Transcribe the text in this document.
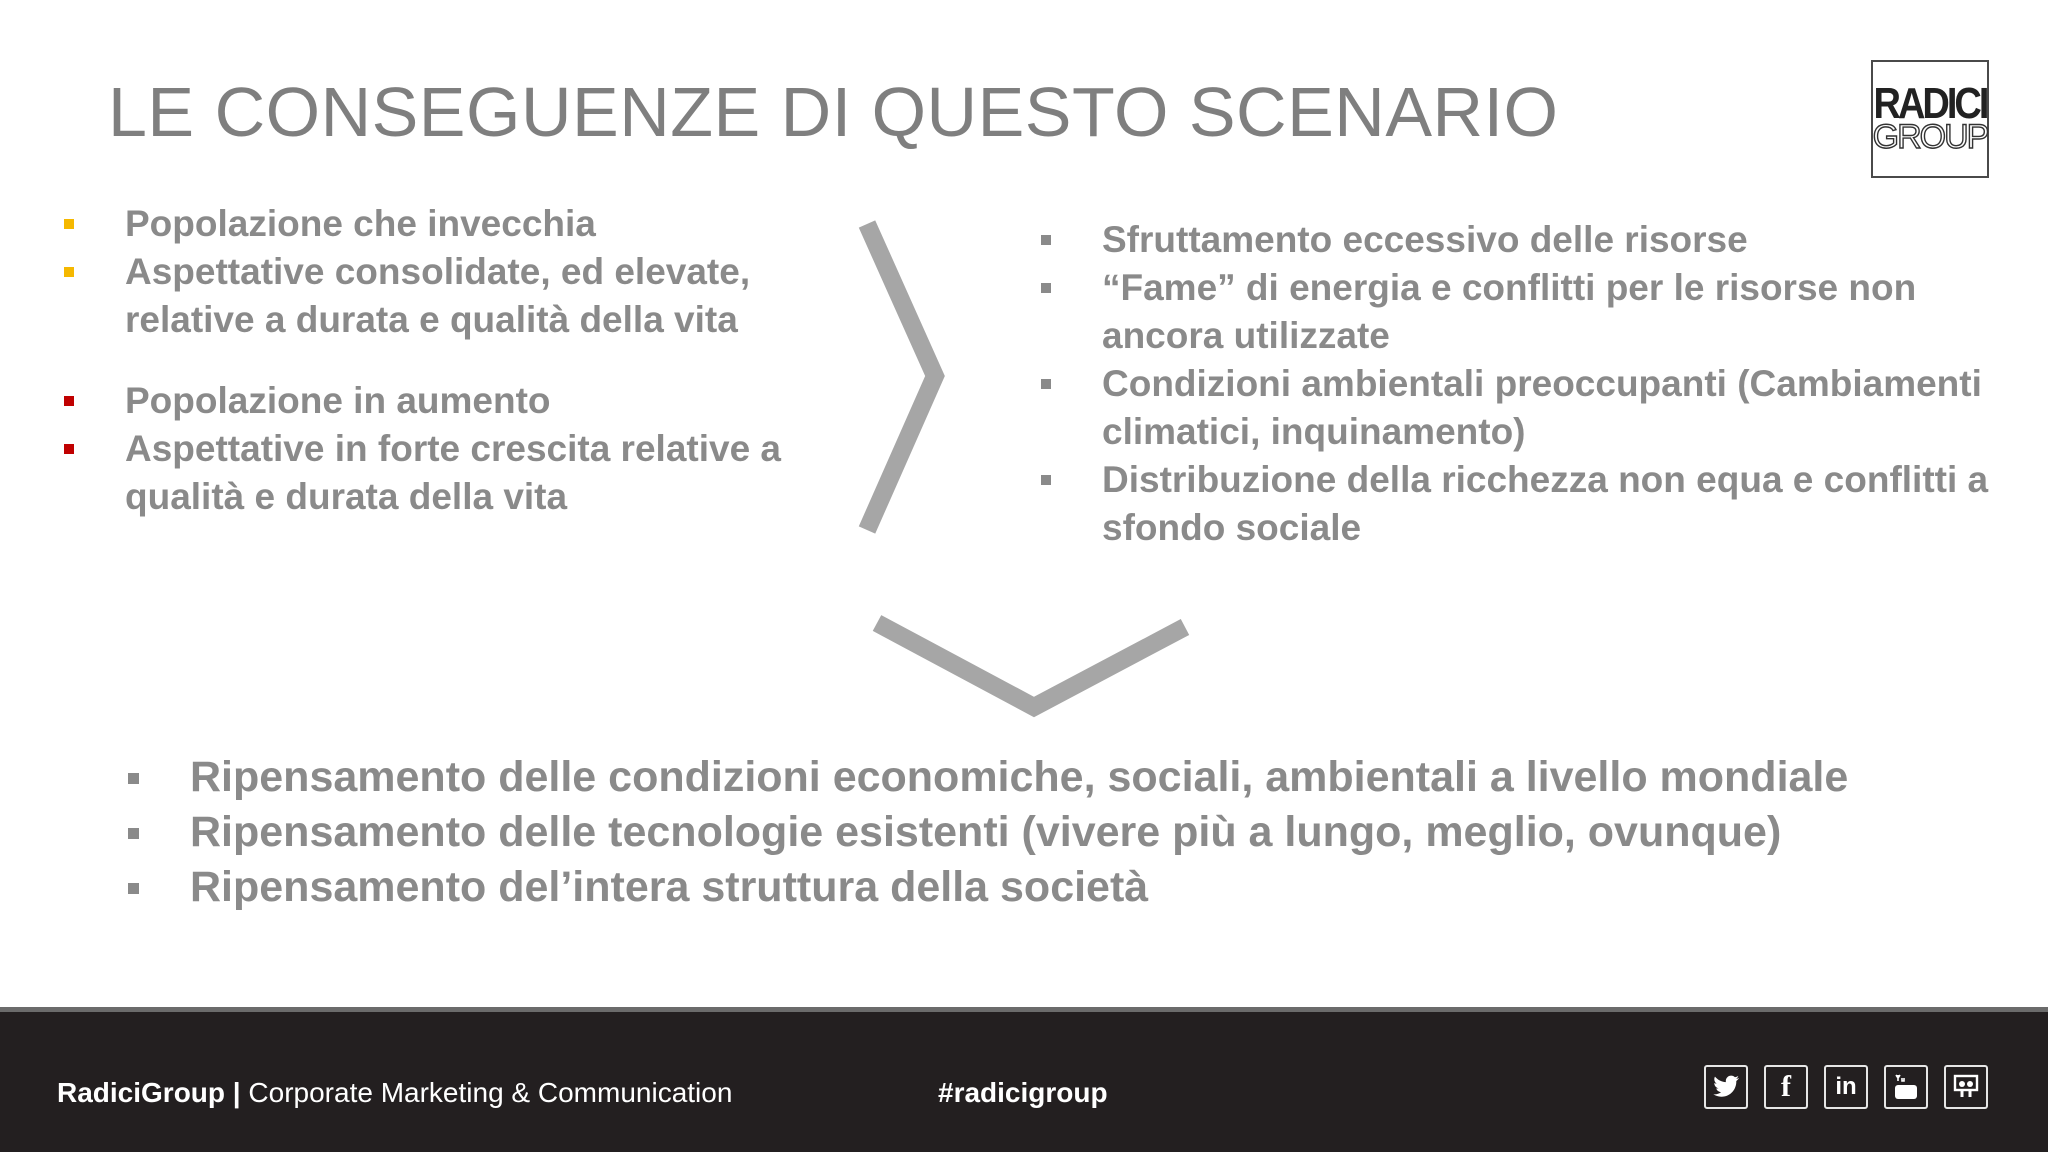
LE CONSEGUENZE DI QUESTO SCENARIO	RADICI
GROUP
Popolazione che invecchia
Aspettative consolidate, ed elevate, relative a durata e qualità della vita
Popolazione in aumento
Aspettative in forte crescita relative a qualità e durata della vita
Sfruttamento eccessivo delle risorse
“Fame” di energia e conflitti per le risorse non ancora utilizzate
Condizioni ambientali preoccupanti (Cambiamenti climatici, inquinamento)
Distribuzione della ricchezza non equa e conflitti a sfondo sociale
Ripensamento delle condizioni economiche, sociali, ambientali a livello mondiale
Ripensamento delle tecnologie esistenti (vivere più a lungo, meglio, ovunque)
Ripensamento del’intera struttura della società
RadiciGroup | Corporate Marketing & Communication	#radicigroup	f	in
